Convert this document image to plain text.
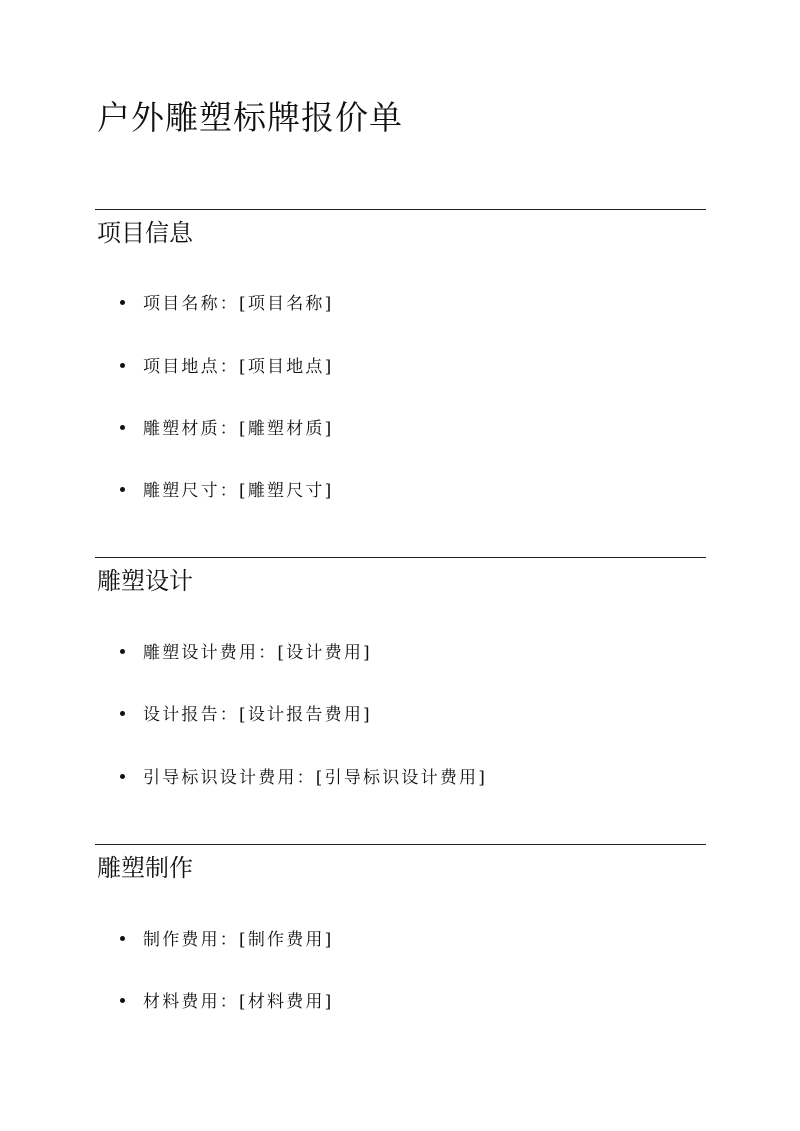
户外雕塑标牌报价单
项目信息
项目名称：[项目名称]
项目地点：[项目地点]
雕塑材质：[雕塑材质]
雕塑尺寸：[雕塑尺寸]
雕塑设计
雕塑设计费用：[设计费用]
设计报告：[设计报告费用]
引导标识设计费用：[引导标识设计费用]
雕塑制作
制作费用：[制作费用]
材料费用：[材料费用]
